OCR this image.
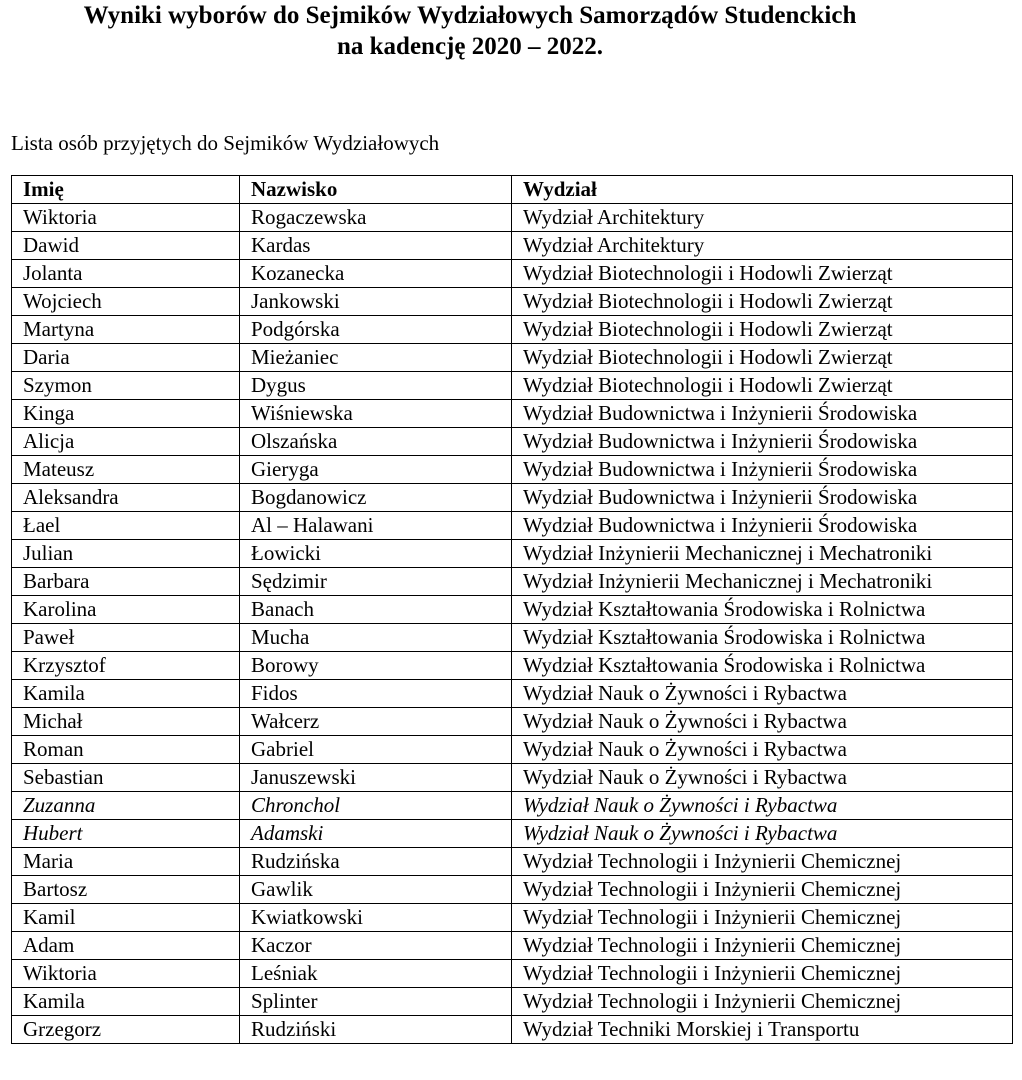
Wyniki wyborów do Sejmików Wydziałowych Samorządów Studenckich
na kadencję 2020 – 2022.
Lista osób przyjętych do Sejmików Wydziałowych
Imię	Nazwisko	Wydział
Wiktoria	Rogaczewska	Wydział Architektury
Dawid	Kardas	Wydział Architektury
Jolanta	Kozanecka	Wydział Biotechnologii i Hodowli Zwierząt
Wojciech	Jankowski	Wydział Biotechnologii i Hodowli Zwierząt
Martyna	Podgórska	Wydział Biotechnologii i Hodowli Zwierząt
Daria	Mieżaniec	Wydział Biotechnologii i Hodowli Zwierząt
Szymon	Dygus	Wydział Biotechnologii i Hodowli Zwierząt
Kinga	Wiśniewska	Wydział Budownictwa i Inżynierii Środowiska
Alicja	Olszańska	Wydział Budownictwa i Inżynierii Środowiska
Mateusz	Gieryga	Wydział Budownictwa i Inżynierii Środowiska
Aleksandra	Bogdanowicz	Wydział Budownictwa i Inżynierii Środowiska
Łael	Al – Halawani	Wydział Budownictwa i Inżynierii Środowiska
Julian	Łowicki	Wydział Inżynierii Mechanicznej i Mechatroniki
Barbara	Sędzimir	Wydział Inżynierii Mechanicznej i Mechatroniki
Karolina	Banach	Wydział Kształtowania Środowiska i Rolnictwa
Paweł	Mucha	Wydział Kształtowania Środowiska i Rolnictwa
Krzysztof	Borowy	Wydział Kształtowania Środowiska i Rolnictwa
Kamila	Fidos	Wydział Nauk o Żywności i Rybactwa
Michał	Wałcerz	Wydział Nauk o Żywności i Rybactwa
Roman	Gabriel	Wydział Nauk o Żywności i Rybactwa
Sebastian	Januszewski	Wydział Nauk o Żywności i Rybactwa
Zuzanna	Chronchol	Wydział Nauk o Żywności i Rybactwa
Hubert	Adamski	Wydział Nauk o Żywności i Rybactwa
Maria	Rudzińska	Wydział Technologii i Inżynierii Chemicznej
Bartosz	Gawlik	Wydział Technologii i Inżynierii Chemicznej
Kamil	Kwiatkowski	Wydział Technologii i Inżynierii Chemicznej
Adam	Kaczor	Wydział Technologii i Inżynierii Chemicznej
Wiktoria	Leśniak	Wydział Technologii i Inżynierii Chemicznej
Kamila	Splinter	Wydział Technologii i Inżynierii Chemicznej
Grzegorz	Rudziński	Wydział Techniki Morskiej i Transportu
